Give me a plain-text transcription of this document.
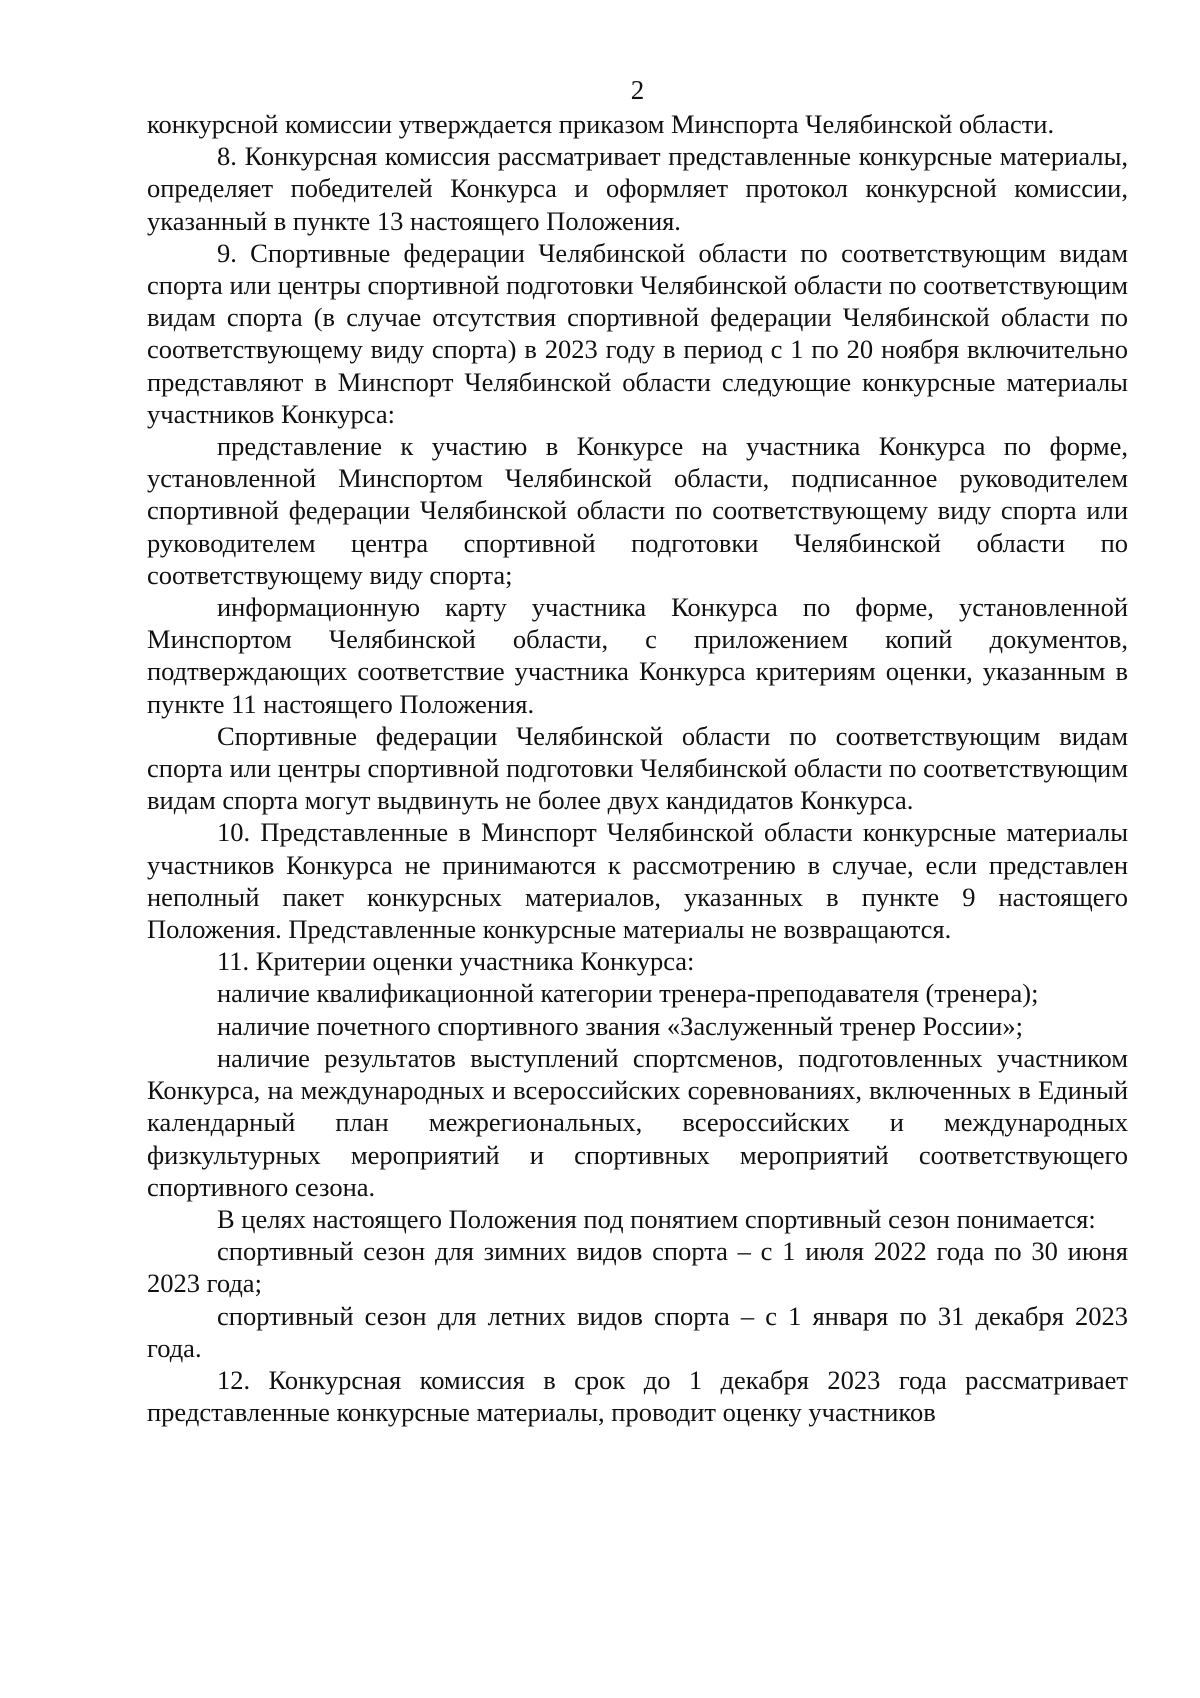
2

конкурсной комиссии утверждается приказом Минспорта Челябинской области.

8. Конкурсная комиссия рассматривает представленные конкурсные материалы, определяет победителей Конкурса и оформляет протокол конкурсной комиссии, указанный в пункте 13 настоящего Положения.

9. Спортивные федерации Челябинской области по соответствующим видам спорта или центры спортивной подготовки Челябинской области по соответствующим видам спорта (в случае отсутствия спортивной федерации Челябинской области по соответствующему виду спорта) в 2023 году в период с 1 по 20 ноября включительно представляют в Минспорт Челябинской области следующие конкурсные материалы участников Конкурса:

представление к участию в Конкурсе на участника Конкурса по форме, установленной Минспортом Челябинской области, подписанное руководителем спортивной федерации Челябинской области по соответствующему виду спорта или руководителем центра спортивной подготовки Челябинской области по соответствующему виду спорта;

информационную карту участника Конкурса по форме, установленной Минспортом Челябинской области, с приложением копий документов, подтверждающих соответствие участника Конкурса критериям оценки, указанным в пункте 11 настоящего Положения.

Спортивные федерации Челябинской области по соответствующим видам спорта или центры спортивной подготовки Челябинской области по соответствующим видам спорта могут выдвинуть не более двух кандидатов Конкурса.

10. Представленные в Минспорт Челябинской области конкурсные материалы участников Конкурса не принимаются к рассмотрению в случае, если представлен неполный пакет конкурсных материалов, указанных в пункте 9 настоящего Положения. Представленные конкурсные материалы не возвращаются.

11. Критерии оценки участника Конкурса:

наличие квалификационной категории тренера-преподавателя (тренера);

наличие почетного спортивного звания «Заслуженный тренер России»;

наличие результатов выступлений спортсменов, подготовленных участником Конкурса, на международных и всероссийских соревнованиях, включенных в Единый календарный план межрегиональных, всероссийских и международных физкультурных мероприятий и спортивных мероприятий соответствующего спортивного сезона.

В целях настоящего Положения под понятием спортивный сезон понимается:

спортивный сезон для зимних видов спорта – с 1 июля 2022 года по 30 июня 2023 года;

спортивный сезон для летних видов спорта – с 1 января по 31 декабря 2023 года.

12. Конкурсная комиссия в срок до 1 декабря 2023 года рассматривает представленные конкурсные материалы, проводит оценку участников
